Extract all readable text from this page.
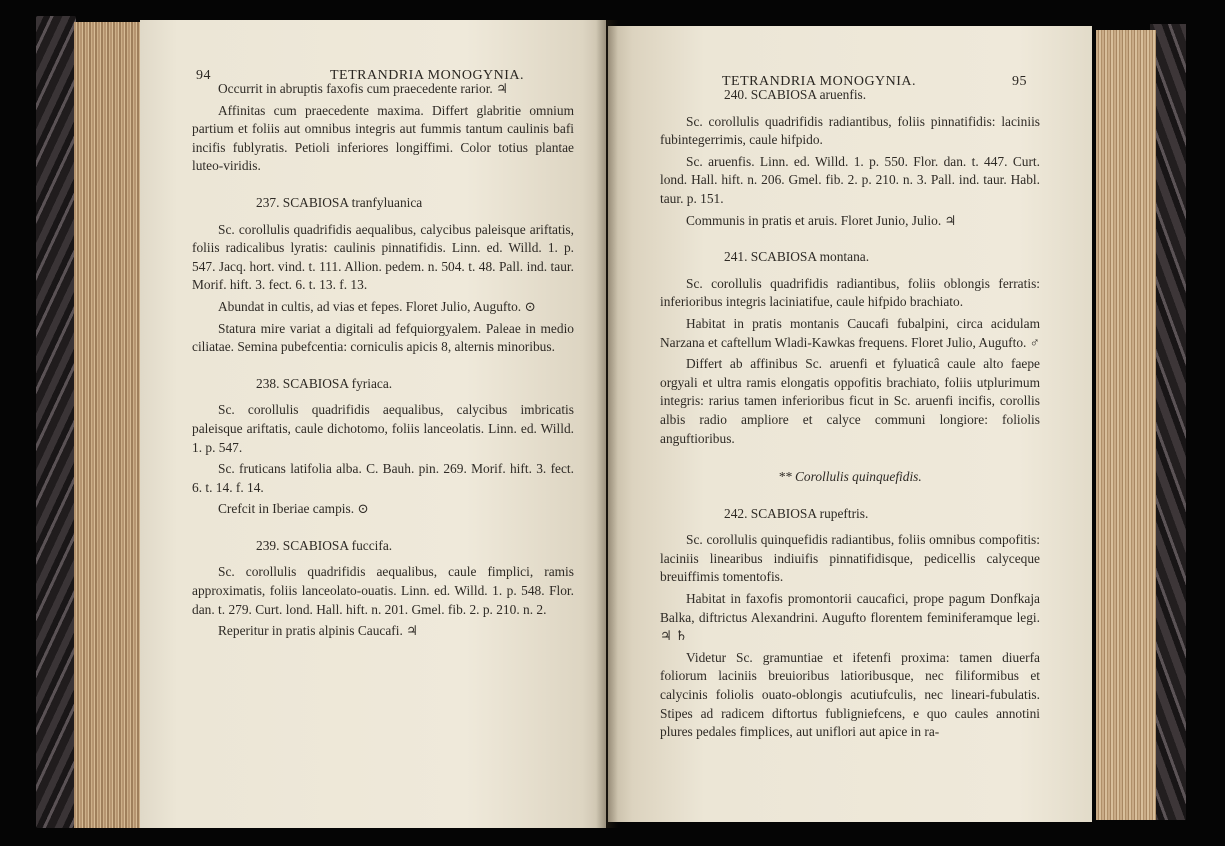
94	TETRANDRIA MONOGYNIA.

Occurrit in abruptis faxofis cum praecedente rarior. ♃

Affinitas cum praecedente maxima. Differt glabritie omnium partium et foliis aut omnibus integris aut fummis tantum caulinis bafi incifis fublyratis. Petioli inferiores longiffimi. Color totius plantae luteo-viridis.

237. SCABIOSA tranfyluanica

Sc. corollulis quadrifidis aequalibus, calycibus paleisque ariftatis, foliis radicalibus lyratis: caulinis pinnatifidis. Linn. ed. Willd. 1. p. 547. Jacq. hort. vind. t. 111. Allion. pedem. n. 504. t. 48. Pall. ind. taur. Morif. hift. 3. fect. 6. t. 13. f. 13.

Abundat in cultis, ad vias et fepes. Floret Julio, Augufto. ⊙

Statura mire variat a digitali ad fefquiorgyalem. Paleae in medio ciliatae. Semina pubefcentia: corniculis apicis 8, alternis minoribus.

238. SCABIOSA fyriaca.

Sc. corollulis quadrifidis aequalibus, calycibus imbricatis paleisque ariftatis, caule dichotomo, foliis lanceolatis. Linn. ed. Willd. 1. p. 547.

Sc. fruticans latifolia alba. C. Bauh. pin. 269. Morif. hift. 3. fect. 6. t. 14. f. 14.

Crefcit in Iberiae campis. ⊙

239. SCABIOSA fuccifa.

Sc. corollulis quadrifidis aequalibus, caule fimplici, ramis approximatis, foliis lanceolato-ouatis. Linn. ed. Willd. 1. p. 548. Flor. dan. t. 279. Curt. lond. Hall. hift. n. 201. Gmel. fib. 2. p. 210. n. 2.

Reperitur in pratis alpinis Caucafi. ♃

TETRANDRIA MONOGYNIA.	95

240. SCABIOSA aruenfis.

Sc. corollulis quadrifidis radiantibus, foliis pinnatifidis: laciniis fubintegerrimis, caule hifpido.

Sc. aruenfis. Linn. ed. Willd. 1. p. 550. Flor. dan. t. 447. Curt. lond. Hall. hift. n. 206. Gmel. fib. 2. p. 210. n. 3. Pall. ind. taur. Habl. taur. p. 151.

Communis in pratis et aruis. Floret Junio, Julio. ♃

241. SCABIOSA montana.

Sc. corollulis quadrifidis radiantibus, foliis oblongis ferratis: inferioribus integris laciniatifue, caule hifpido brachiato.

Habitat in pratis montanis Caucafi fubalpini, circa acidulam Narzana et caftellum Wladi-Kawkas frequens. Floret Julio, Augufto. ♂

Differt ab affinibus Sc. aruenfi et fyluaticâ caule alto faepe orgyali et ultra ramis elongatis oppofitis brachiato, foliis utplurimum integris: rarius tamen inferioribus ficut in Sc. aruenfi incifis, corollis albis radio ampliore et calyce communi longiore: foliolis anguftioribus.

** Corollulis quinquefidis.

242. SCABIOSA rupeftris.

Sc. corollulis quinquefidis radiantibus, foliis omnibus compofitis: laciniis linearibus indiuifis pinnatifidisque, pedicellis calyceque breuiffimis tomentofis.

Habitat in faxofis promontorii caucafici, prope pagum Donfkaja Balka, diftrictus Alexandrini. Augufto florentem feminiferamque legi. ♃ ♄

Videtur Sc. gramuntiae et ifetenfi proxima: tamen diuerfa foliorum laciniis breuioribus latioribusque, nec filiformibus et calycinis foliolis ouato-oblongis acutiufculis, nec lineari-fubulatis. Stipes ad radicem diftortus fubligniefcens, e quo caules annotini plures pedales fimplices, aut uniflori aut apice in ra-
